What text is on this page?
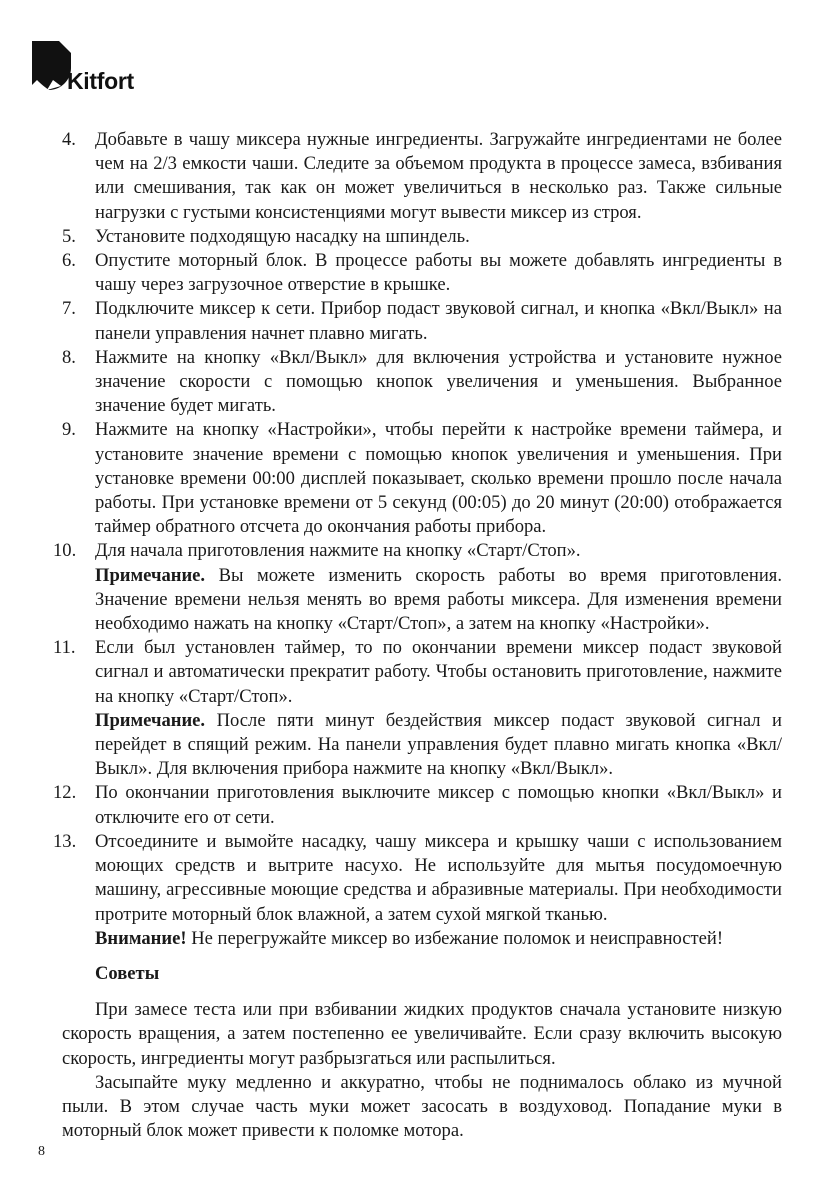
Kitfort
4.	Добавьте в чашу миксера нужные ингредиенты. Загружайте ингредиентами не более чем на 2/3 емкости чаши. Следите за объемом продукта в процессе замеса, взбивания или смешивания, так как он может увеличиться в несколько раз. Также сильные нагрузки с густыми консистенциями могут вывести миксер из строя.
5.	Установите подходящую насадку на шпиндель.
6.	Опустите моторный блок. В процессе работы вы можете добавлять ингредиенты в чашу через загрузочное отверстие в крышке.
7.	Подключите миксер к сети. Прибор подаст звуковой сигнал, и кнопка «Вкл/Выкл» на панели управления начнет плавно мигать.
8.	Нажмите на кнопку «Вкл/Выкл» для включения устройства и установите нужное значение скорости с помощью кнопок увеличения и уменьшения. Выбранное значение будет мигать.
9.	Нажмите на кнопку «Настройки», чтобы перейти к настройке времени таймера, и установите значение времени с помощью кнопок увеличения и уменьшения. При установке времени 00:00 дисплей показывает, сколько времени прошло после начала работы. При установке времени от 5 секунд (00:05) до 20 минут (20:00) отображается таймер обратного отсчета до окончания работы прибора.
10.	Для начала приготовления нажмите на кнопку «Старт/Стоп».
Примечание. Вы можете изменить скорость работы во время приготовления. Значение времени нельзя менять во время работы миксера. Для изменения времени необходимо нажать на кнопку «Старт/Стоп», а затем на кнопку «Настройки».
11.	Если был установлен таймер, то по окончании времени миксер подаст звуковой сигнал и автоматически прекратит работу. Чтобы остановить приготовление, нажмите на кнопку «Старт/Стоп».
Примечание. После пяти минут бездействия миксер подаст звуковой сигнал и перейдет в спящий режим. На панели управления будет плавно мигать кнопка «Вкл/Выкл». Для включения прибора нажмите на кнопку «Вкл/Выкл».
12.	По окончании приготовления выключите миксер с помощью кнопки «Вкл/Выкл» и отключите его от сети.
13.	Отсоедините и вымойте насадку, чашу миксера и крышку чаши с использованием моющих средств и вытрите насухо. Не используйте для мытья посудомоечную машину, агрессивные моющие средства и абразивные материалы. При необходимости протрите моторный блок влажной, а затем сухой мягкой тканью.
Внимание! Не перегружайте миксер во избежание поломок и неисправностей!
Советы

При замесе теста или при взбивании жидких продуктов сначала установите низкую скорость вращения, а затем постепенно ее увеличивайте. Если сразу включить высокую скорость, ингредиенты могут разбрызгаться или распылиться.

Засыпайте муку медленно и аккуратно, чтобы не поднималось облако из мучной пыли. В этом случае часть муки может засосать в воздуховод. Попадание муки в моторный блок может привести к поломке мотора.

8
